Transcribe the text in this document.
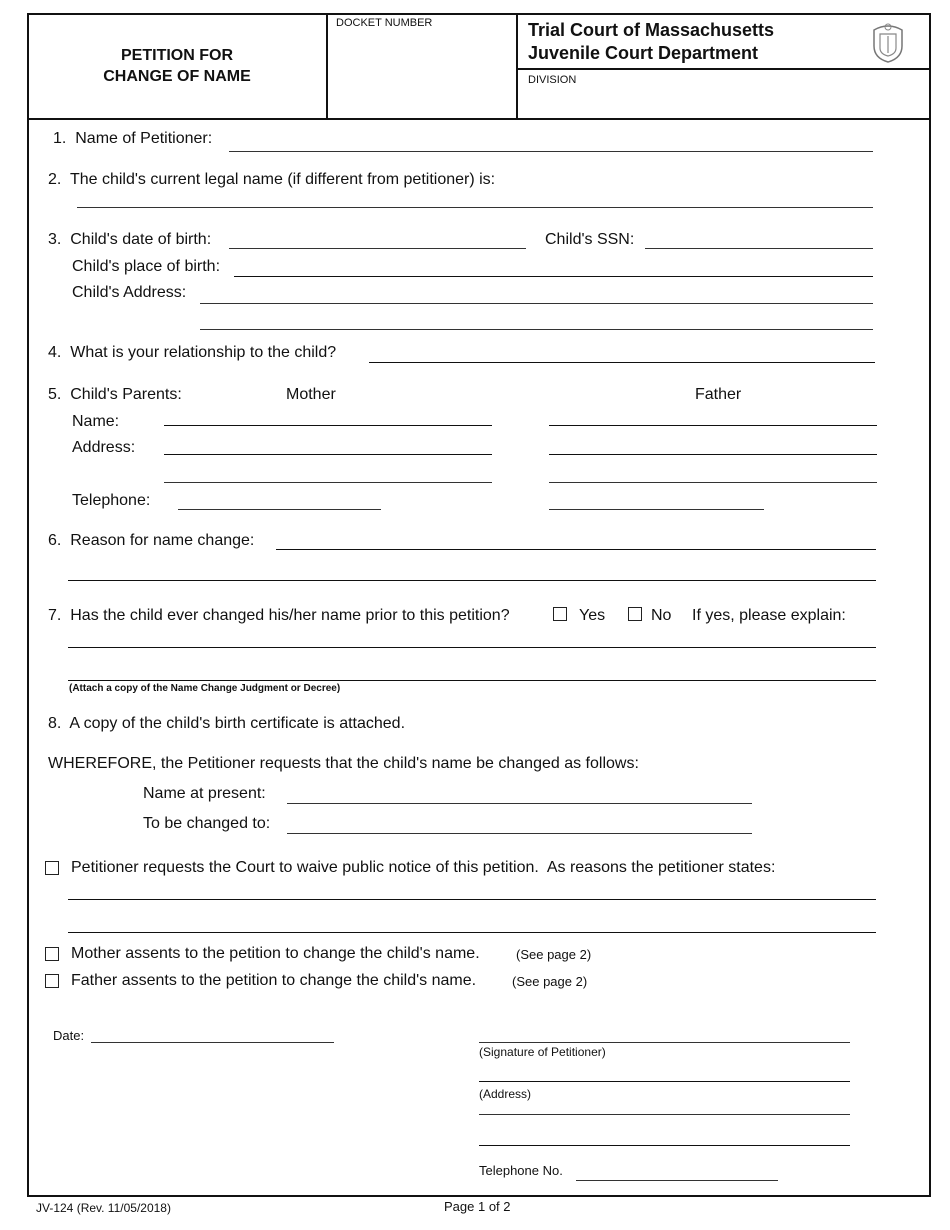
PETITION FOR
CHANGE OF NAME
DOCKET NUMBER	Trial Court of Massachusetts
Juvenile Court Department
DIVISION
1.  Name of Petitioner:
2.  The child's current legal name (if different from petitioner) is:
3.  Child's date of birth:	Child's SSN:
Child's place of birth:
Child's Address:
4.  What is your relationship to the child?
5.  Child's Parents:	Mother	Father
Name:
Address:
Telephone:
6.  Reason for name change:
7.  Has the child ever changed his/her name prior to this petition?	Yes	No If yes, please explain:
(Attach a copy of the Name Change Judgment or Decree)
8.  A copy of the child's birth certificate is attached.
WHEREFORE, the Petitioner requests that the child's name be changed as follows:
Name at present:
To be changed to:
Petitioner requests the Court to waive public notice of this petition.  As reasons the petitioner states:
Mother assents to the petition to change the child's name.	(See page 2)
Father assents to the petition to change the child's name.	(See page 2)
Date:
(Signature of Petitioner)
(Address)
Telephone No.
JV-124 (Rev. 11/05/2018)	Page 1 of 2
